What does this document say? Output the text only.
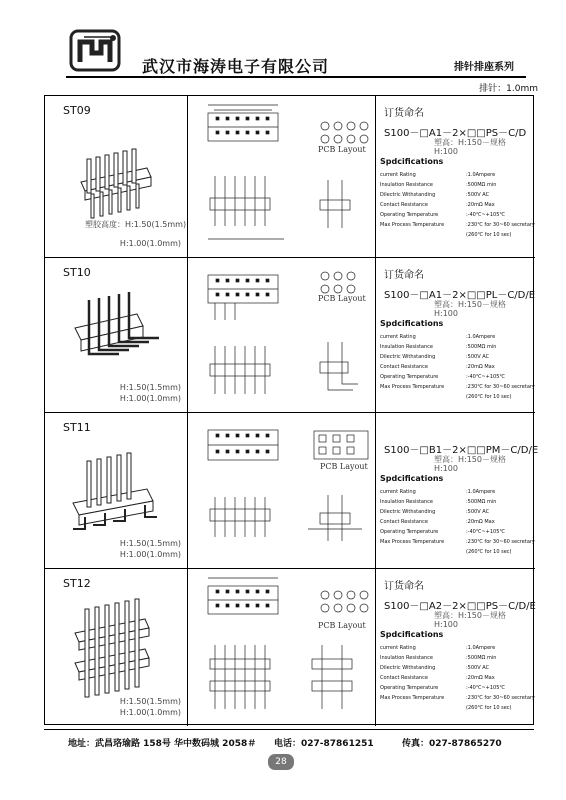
武汉市海涛电子有限公司	排针排座系列
排针：1.0mm
ST09
塑胶高度：H:1.50(1.5mm)
H:1.00(1.0mm)
PCB Layout
订货命名
S100－□A1－2×□□PS－C/D
塑高：H:150－规格
H:100
Spdcifications
current Rating	:1.0Ampere
Insulation Resistance	:500MΩ min
Dilectric Withstanding	:500V AC
Contact Resistance	:20mΩ Max
Operating Temperature	:-40℃~+105℃
Max Process Temperature	:230℃ for 30~60 secretary
(260℃ for 10 sec)
ST10
H:1.50(1.5mm)
H:1.00(1.0mm)
PCB Layout
订货命名
S100－□A1－2×□□PL－C/D/E
塑高：H:150－规格
H:100
Spdcifications
current Rating	:1.0Ampere
Insulation Resistance	:500MΩ min
Dilectric Withstanding	:500V AC
Contact Resistance	:20mΩ Max
Operating Temperature	:-40℃~+105℃
Max Process Temperature	:230℃ for 30~60 secretary
(260℃ for 10 sec)
ST11
H:1.50(1.5mm)
H:1.00(1.0mm)
PCB Layout
S100－□B1－2×□□PM－C/D/E
塑高：H:150－规格
H:100
Spdcifications
current Rating	:1.0Ampere
Insulation Resistance	:500MΩ min
Dilectric Withstanding	:500V AC
Contact Resistance	:20mΩ Max
Operating Temperature	:-40℃~+105℃
Max Process Temperature	:230℃ for 30~60 secretary
(260℃ for 10 sec)
ST12
H:1.50(1.5mm)
H:1.00(1.0mm)
PCB Layout
订货命名
S100－□A2－2×□□PS－C/D/E
塑高：H:150－规格
H:100
Spdcifications
current Rating	:1.0Ampere
Insulation Resistance	:500MΩ min
Dilectric Withstanding	:500V AC
Contact Resistance	:20mΩ Max
Operating Temperature	:-40℃~+105℃
Max Process Temperature	:230℃ for 30~60 secretary
(260℃ for 10 sec)
地址：武昌珞瑜路 158号 华中数码城 2058＃ 电话：027-87861251	传真：027-87865270
28
